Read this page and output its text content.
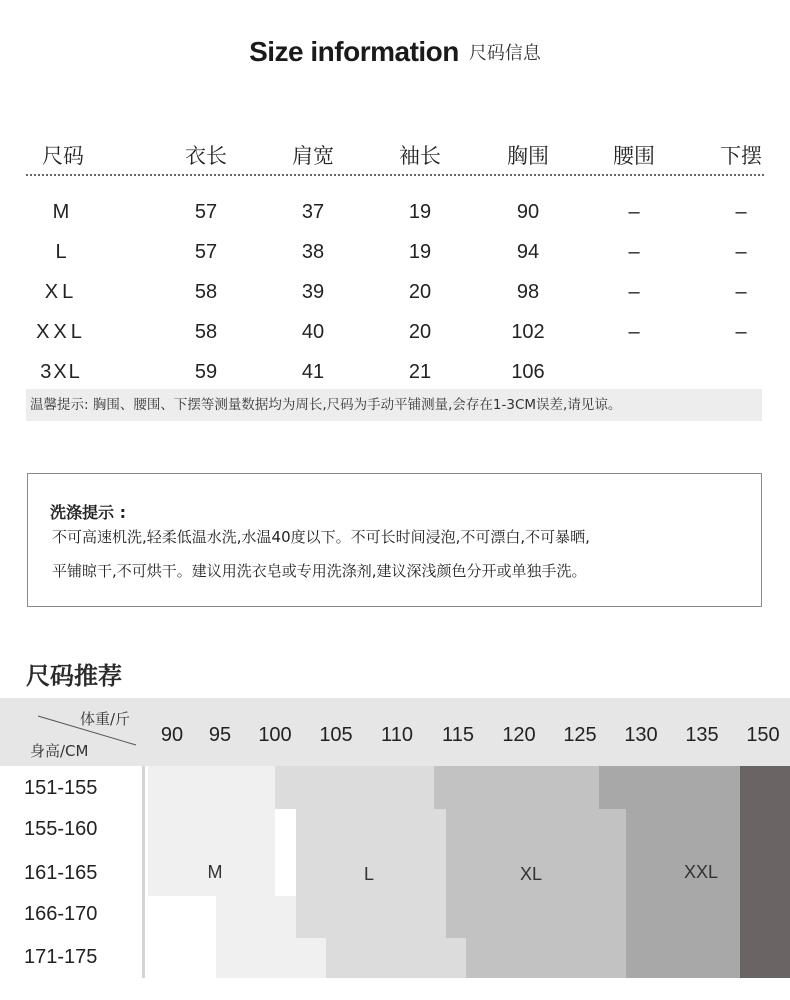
Size information 尺码信息
尺码	衣长	肩宽	袖长	胸围	腰围	下摆
M	57	37	19	90	–	–
L	57	38	19	94	–	–
XL	58	39	20	98	–	–
XXL	58	40	20	102	–	–
3XL	59	41	21	106
温馨提示: 胸围、腰围、下摆等测量数据均为周长,尺码为手动平铺测量,会存在1-3CM误差,请见谅。
洗涤提示 :
不可高速机洗,轻柔低温水洗,水温40度以下。不可长时间浸泡,不可漂白,不可暴晒,
平铺晾干,不可烘干。建议用洗衣皂或专用洗涤剂,建议深浅颜色分开或单独手洗。
尺码推荐
体重/斤
身高/CM
90 95 100 105 110 115 120 125 130 135 150
151-155
155-160
161-165
166-170
171-175
M	L	XL	XXL
